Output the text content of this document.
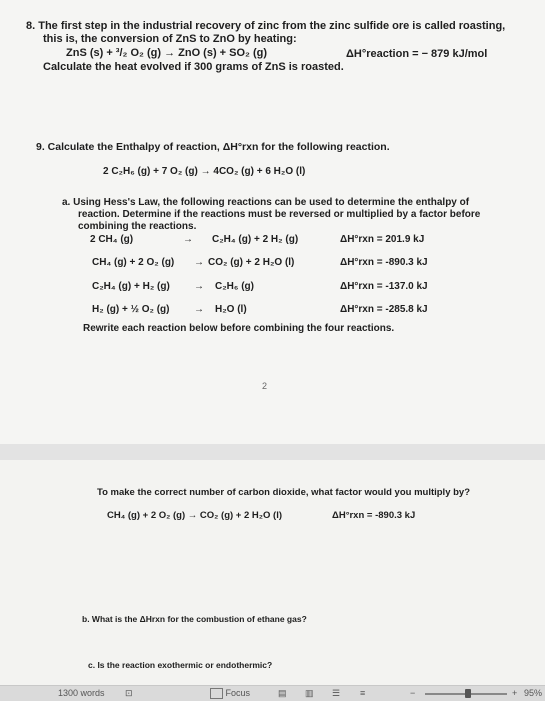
8. The first step in the industrial recovery of zinc from the zinc sulfide ore is called roasting,
this is, the conversion of ZnS to ZnO by heating:
ZnS (s) + ³/₂ O₂ (g) → ZnO (s) + SO₂ (g)	ΔH°reaction = − 879 kJ/mol
Calculate the heat evolved if 300 grams of ZnS is roasted.
9. Calculate the Enthalpy of reaction, ΔH°rxn for the following reaction.
2 C₂H₆ (g) + 7 O₂ (g) → 4CO₂ (g) + 6 H₂O (l)
a. Using Hess's Law, the following reactions can be used to determine the enthalpy of
reaction. Determine if the reactions must be reversed or multiplied by a factor before
combining the reactions.
2 CH₄ (g)	→ C₂H₄ (g) + 2 H₂ (g)	ΔH°rxn = 201.9 kJ
CH₄ (g) + 2 O₂ (g) → CO₂ (g) + 2 H₂O (l)	ΔH°rxn = -890.3 kJ
C₂H₄ (g) + H₂ (g) → C₂H₆ (g)	ΔH°rxn = -137.0 kJ
H₂ (g) + ½ O₂ (g) → H₂O (l)	ΔH°rxn = -285.8 kJ
Rewrite each reaction below before combining the four reactions.
2
To make the correct number of carbon dioxide, what factor would you multiply by?
CH₄ (g) + 2 O₂ (g) → CO₂ (g) + 2 H₂O (l)	ΔH°rxn = -890.3 kJ
b. What is the ΔHrxn for the combustion of ethane gas?
c. Is the reaction exothermic or endothermic?
1300 words ⊡	Focus	▤ ▥ ☰ ≡	−	+ 95%
